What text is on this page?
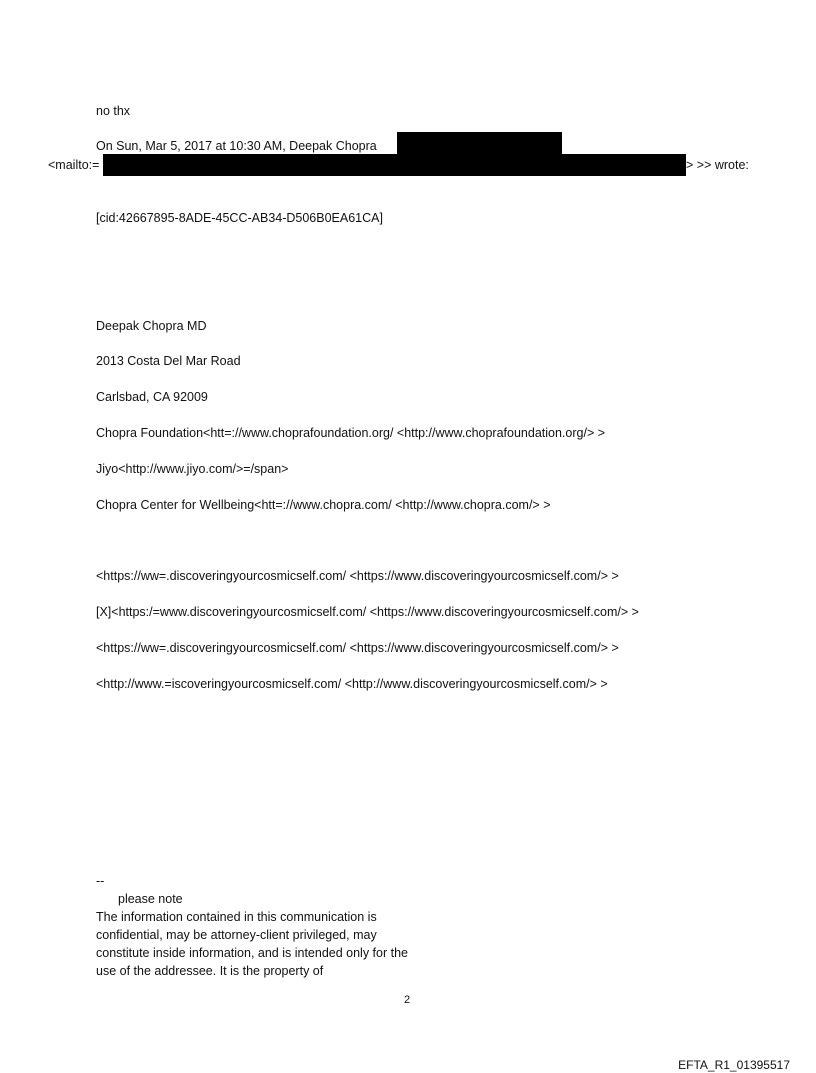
no thx
On Sun, Mar 5, 2017 at 10:30 AM, Deepak Chopra
<mailto:=	> >> wrote:
[cid:42667895-8ADE-45CC-AB34-D506B0EA61CA]
Deepak Chopra MD
2013 Costa Del Mar Road
Carlsbad, CA 92009
Chopra Foundation<htt=://www.choprafoundation.org/ <http://www.choprafoundation.org/> >
Jiyo<http://www.jiyo.com/>=/span>
Chopra Center for Wellbeing<htt=://www.chopra.com/ <http://www.chopra.com/> >
<https://ww=.discoveringyourcosmicself.com/ <https://www.discoveringyourcosmicself.com/> >
[X]<https:/=www.discoveringyourcosmicself.com/ <https://www.discoveringyourcosmicself.com/> >
<https://ww=.discoveringyourcosmicself.com/ <https://www.discoveringyourcosmicself.com/> >
<http://www.=iscoveringyourcosmicself.com/ <http://www.discoveringyourcosmicself.com/> >
--
please note
The information contained in this communication is confidential, may be attorney-client privileged, may constitute inside information, and is intended only for the use of the addressee. It is the property of
2
EFTA_R1_01395517
